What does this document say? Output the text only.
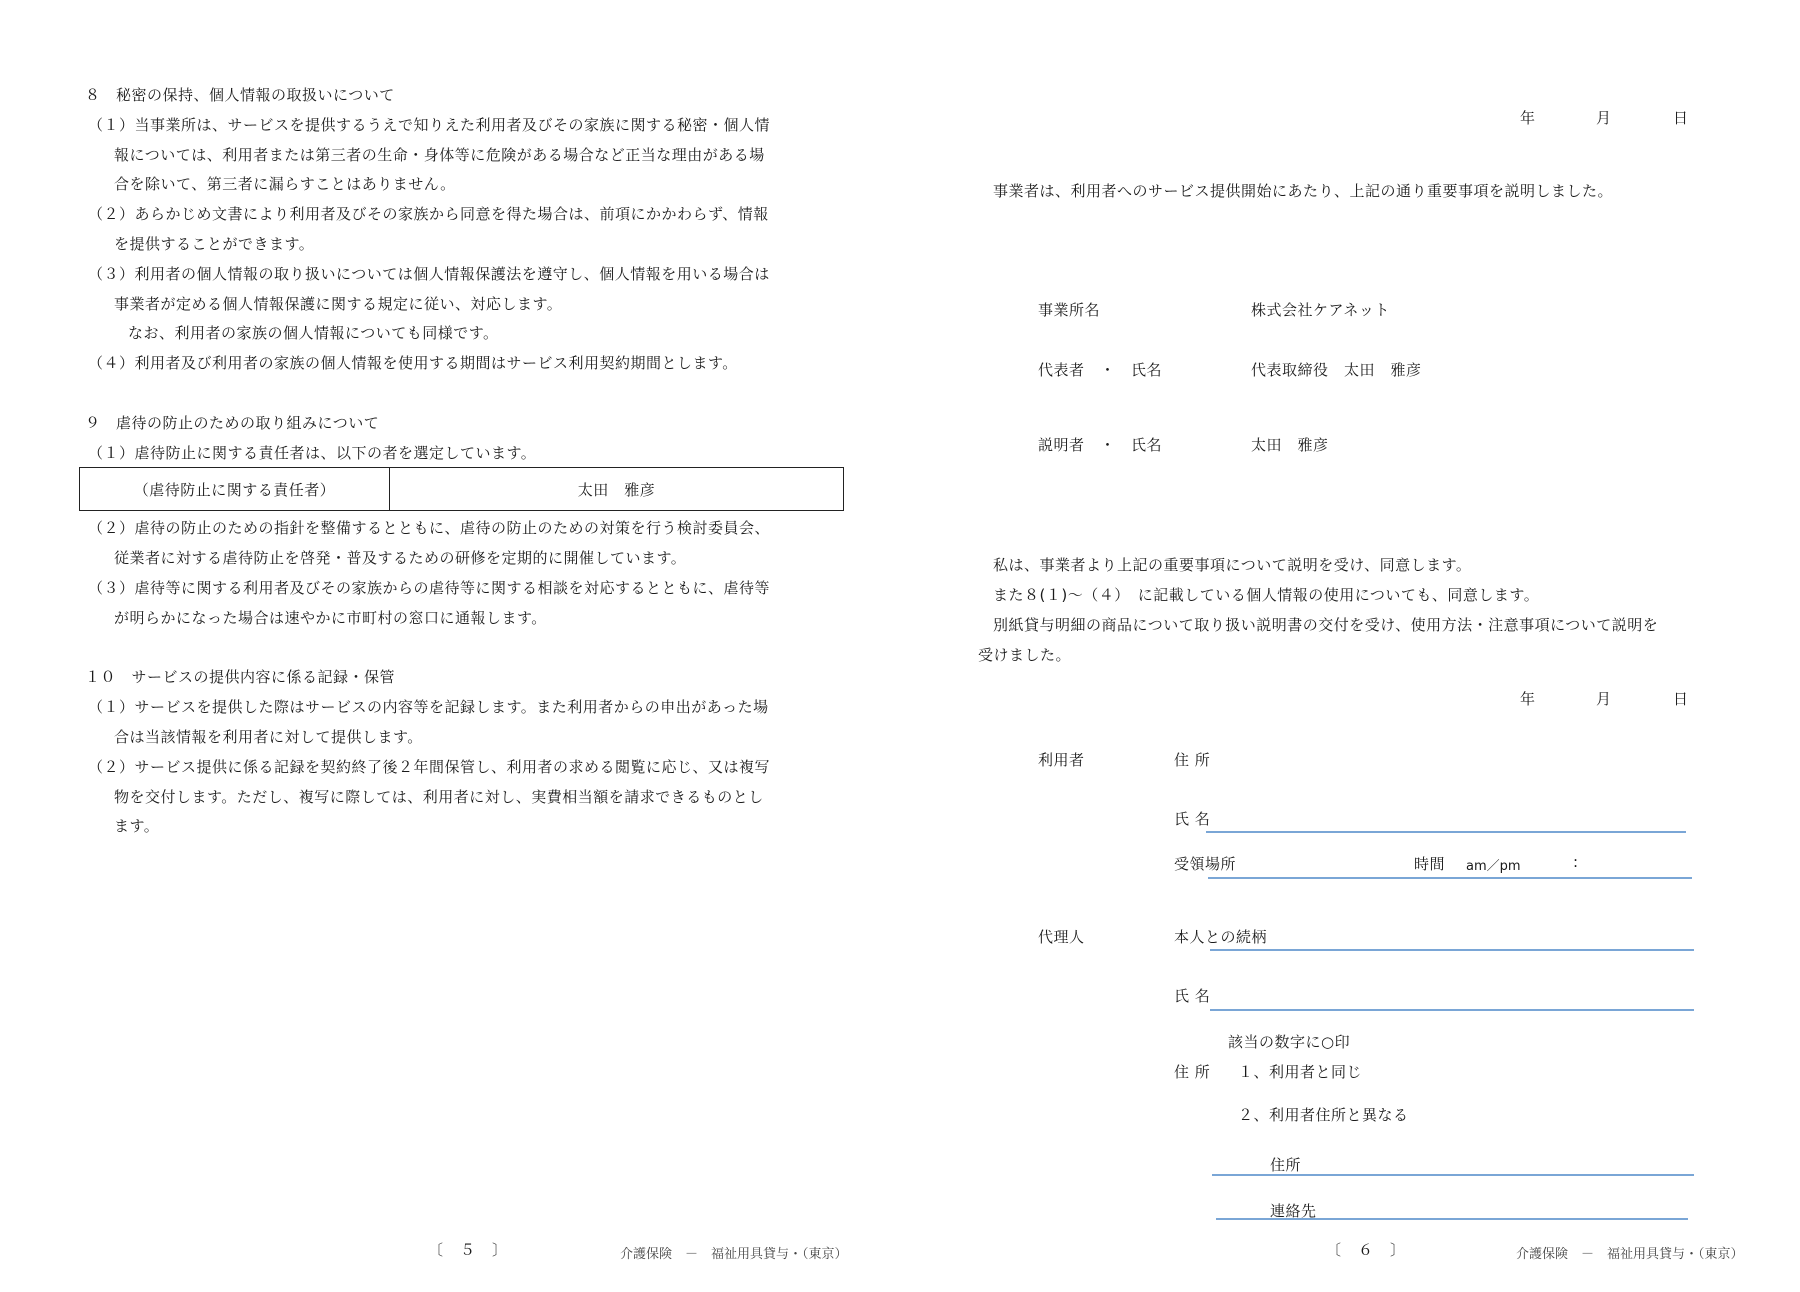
８　秘密の保持、個人情報の取扱いについて
（１）当事業所は、サービスを提供するうえで知りえた利用者及びその家族に関する秘密・個人情
報については、利用者または第三者の生命・身体等に危険がある場合など正当な理由がある場
合を除いて、第三者に漏らすことはありません。
（２）あらかじめ文書により利用者及びその家族から同意を得た場合は、前項にかかわらず、情報
を提供することができます。
（３）利用者の個人情報の取り扱いについては個人情報保護法を遵守し、個人情報を用いる場合は
事業者が定める個人情報保護に関する規定に従い、対応します。
なお、利用者の家族の個人情報についても同様です。
（４）利用者及び利用者の家族の個人情報を使用する期間はサービス利用契約期間とします。
９　虐待の防止のための取り組みについて
（１）虐待防止に関する責任者は、以下の者を選定しています。
（虐待防止に関する責任者）	太田　雅彦
（２）虐待の防止のための指針を整備するとともに、虐待の防止のための対策を行う検討委員会、
従業者に対する虐待防止を啓発・普及するための研修を定期的に開催しています。
（３）虐待等に関する利用者及びその家族からの虐待等に関する相談を対応するとともに、虐待等
が明らかになった場合は速やかに市町村の窓口に通報します。
１０　サービスの提供内容に係る記録・保管
（１）サービスを提供した際はサービスの内容等を記録します。また利用者からの申出があった場
合は当該情報を利用者に対して提供します。
（２）サービス提供に係る記録を契約終了後２年間保管し、利用者の求める閲覧に応じ、又は複写
物を交付します。ただし、複写に際しては、利用者に対し、実費相当額を請求できるものとし
ます。
〔　５　〕	介護保険　－　福祉用具貸与・（東京）
年	月	日
事業者は、利用者へのサービス提供開始にあたり、上記の通り重要事項を説明しました。
事業所名	株式会社ケアネット
代表者　・　氏名	代表取締役　太田　雅彦
説明者　・　氏名	太田　雅彦
私は、事業者より上記の重要事項について説明を受け、同意します。
また８(１)～（４）　に記載している個人情報の使用についても、同意します。
別紙貸与明細の商品について取り扱い説明書の交付を受け、使用方法・注意事項について説明を
受けました。
年	月	日
利用者	住 所
氏 名
受領場所	時間 am／pm	:
代理人	本人との続柄
氏 名
該当の数字に○印
住 所 １、利用者と同じ
２、利用者住所と異なる
住所
連絡先
〔　６　〕	介護保険　－　福祉用具貸与・（東京）
